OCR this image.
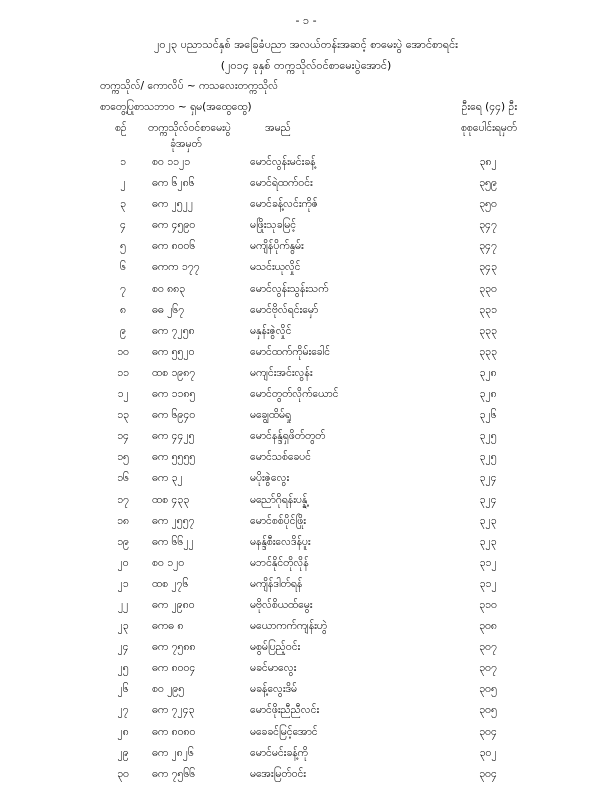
- ၁ -
၂၀၂၃ ပညာသင်နှစ် အခြေခံပညာ အလယ်တန်းအဆင့် စာမေးပွဲ အောင်စာရင်း
(၂၀၁၄ ခုနှစ် တက္ကသိုလ်ဝင်စာမေးပွဲအောင်)
တက္ကသိုလ်/ ကောလိပ် ~ ကသလေးတက္ကသိုလ်
စာတွေ့ပြုစာသဘာဝ ~ ရှမ(အထွေထွေ)	ဦးရေ (၄၄) ဦး
စဉ် တက္ကသိုလ်ဝင်စာမေးပွဲ
ခုံအမှတ်
အမည်	စုစုပေါင်းရမှတ်
၁	စဝ ၁၁၂၁	မောင်လွန်းမင်းခန့်	၃၈၂
၂	ဓက ၆၂၈၆	မောင်ရဲထက်ဝင်း	၃၅၉
၃	ဓက ၂၅၂၂	မောင်ခန့်လင်းကိုဇ်	၃၅၀
၄	ဓက ၄၅၉၀	မဖြိုးသုခမြင့်	၃၄၇
၅	ဓက ၈၀၀၆	မကျိန်ပိုက်နွမ်း	၃၄၇
၆	ဓကက ၁၇၇	မသင်းယုလှိုင်	၃၄၃
၇	စဝ ၈၈၃	မောင်လွန်းသွန်းသက်	၃၃၀
၈	ဓဓ ၂၆၇	မောင်ဗိုလ်ရင်းမှော်	၃၃၁
၉	ဓက ၇၂၅၈	မနှန်းဇွဲလှိုင်	၃၃၃
၁၀	ဓက ၅၅၂၀	မောင်ထက်ကိုမ်းခေါင်	၃၃၃
၁၁	ထစ ၁၉၈၇	မကျင်းအင်းလွန်း	၃၂၈
၁၂	ဓက ၁၁၈၅	မောင်တွတ်လိုက်ယောင်	၃၂၈
၁၃	ဓက ၆၉၄၀	မချွေထိမ်ရှု	၃၂၆
၁၄	ဓက ၄၄၂၅	မောင်နန္ဒ်ရှဖိတ်တွတ်	၃၂၅
၁၅	ဓက ၅၅၅၅	မောင်သစ်ခေပင်	၃၂၅
၁၆	ဓက ၃၂	မပိုးဇွဲလွေး	၃၂၄
၁၇	ထစ ၄၃၃	မညော်ဂိုရန်းပန္န့်	၃၂၄
၁၈	ဓက ၂၅၅၇	မောင်စစ်ပိုင်ဖြိုး	၃၂၃
၁၉	ဓက ၆၆၂၂	မနန္ဒ်စီးလေဒိန်ပူး	၃၂၃
၂၀	စဝ ၁၂၀	မဘင်နိုင်တိုလိုန်	၃၁၂
၂၁	ထစ ၂၇၆	မကျိန်ဒါတ်ရန်	၃၁၂
၂၂	ဓက ၂၉၈၀	မဗိုလ်စိယထ်မွေး	၃၁၀
၂၃	ဓကဓ ၈	မယောကက်ကျန်းဟွဲ	၃၀၈
၂၄	ဓက ၇၅၈၈	မစွမ်ပြည့်ဝင်း	၃၀၇
၂၅	ဓက ၈၀၀၄	မခင်မာလွေး	၃၀၇
၂၆	စဝ ၂၉၅	မခန့်လွေးဒိမ်	၃၀၅
၂၇	ဓက ၇၂၄၃	မောင်ဖိုးညီညီလင်း	၃၀၅
၂၈	ဓက ၈၀၈၀	မခေခင်မြင့်အောင်	၃၀၄
၂၉	ဓက ၂၈၂၆	မောင်မင်းခန့်ကို	၃၀၂
၃၀	ဓက ၇၅၆၆	မအေးမြတ်ဝင်း	၃၀၄
